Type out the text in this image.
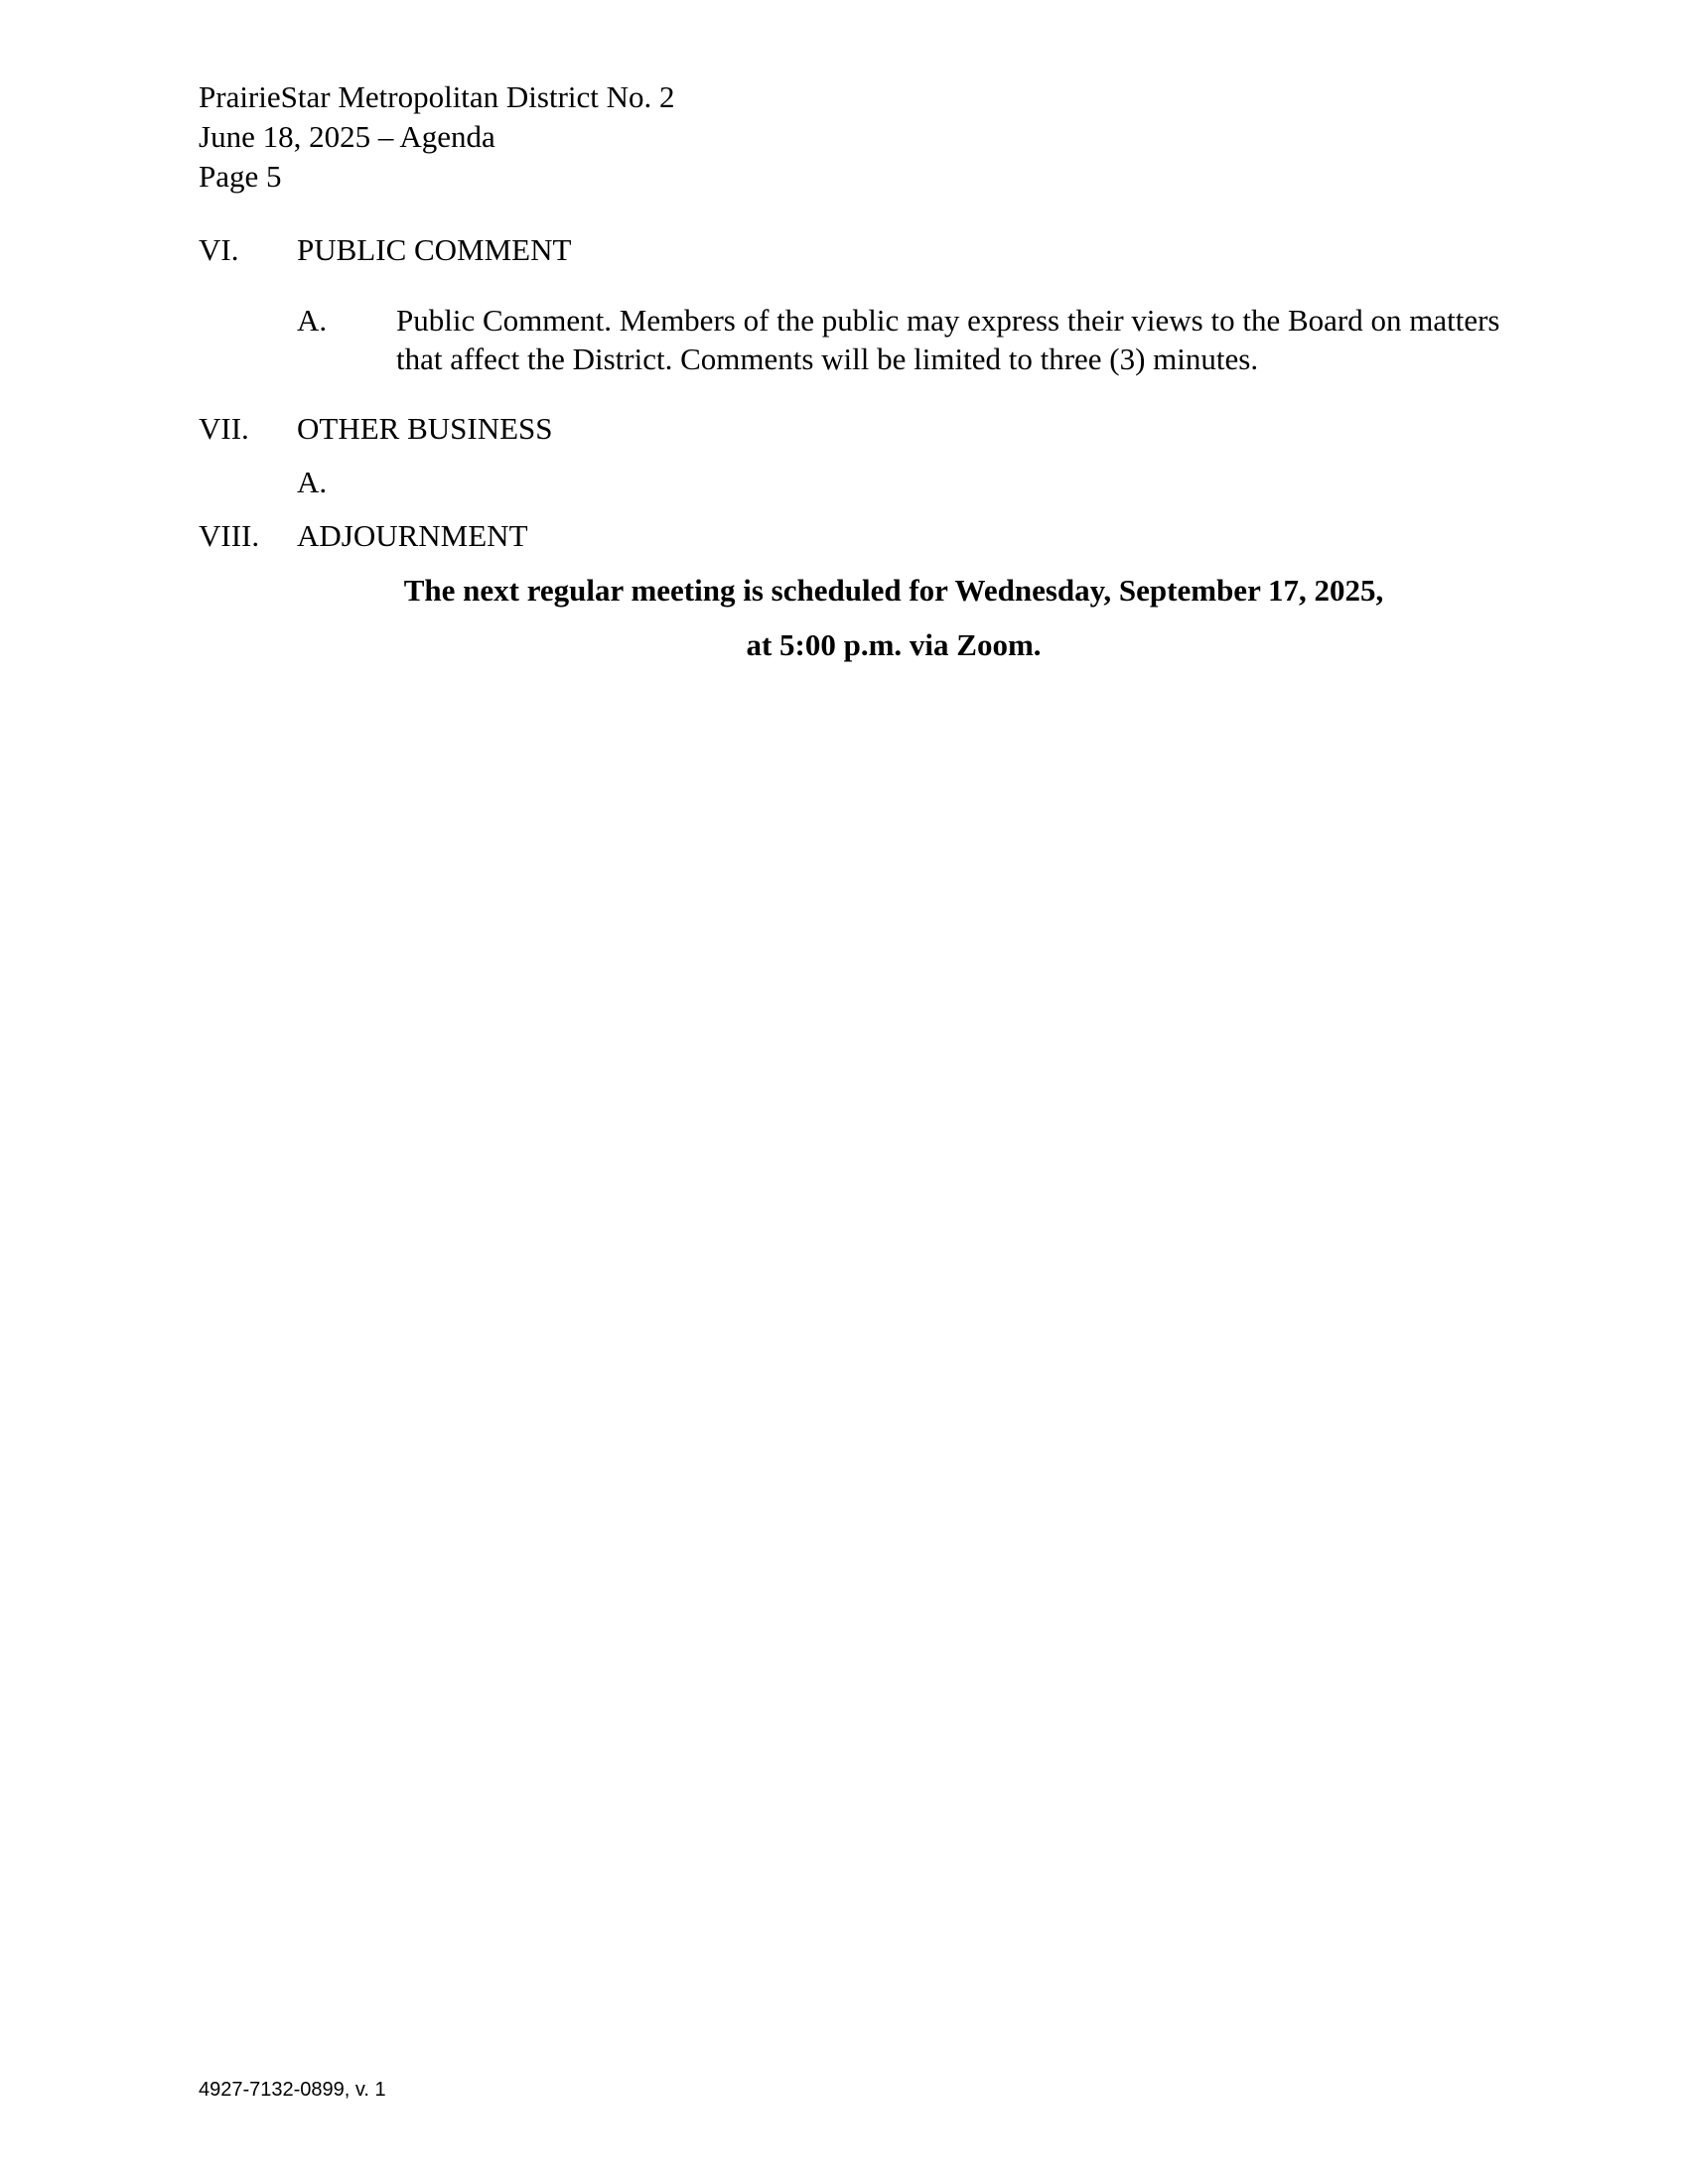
PrairieStar Metropolitan District No. 2
June 18, 2025 – Agenda
Page 5
VI. PUBLIC COMMENT
A. Public Comment. Members of the public may express their views to the Board on matters that affect the District. Comments will be limited to three (3) minutes.
VII. OTHER BUSINESS
A.
VIII. ADJOURNMENT
The next regular meeting is scheduled for Wednesday, September 17, 2025,
at 5:00 p.m. via Zoom.
4927-7132-0899, v. 1
